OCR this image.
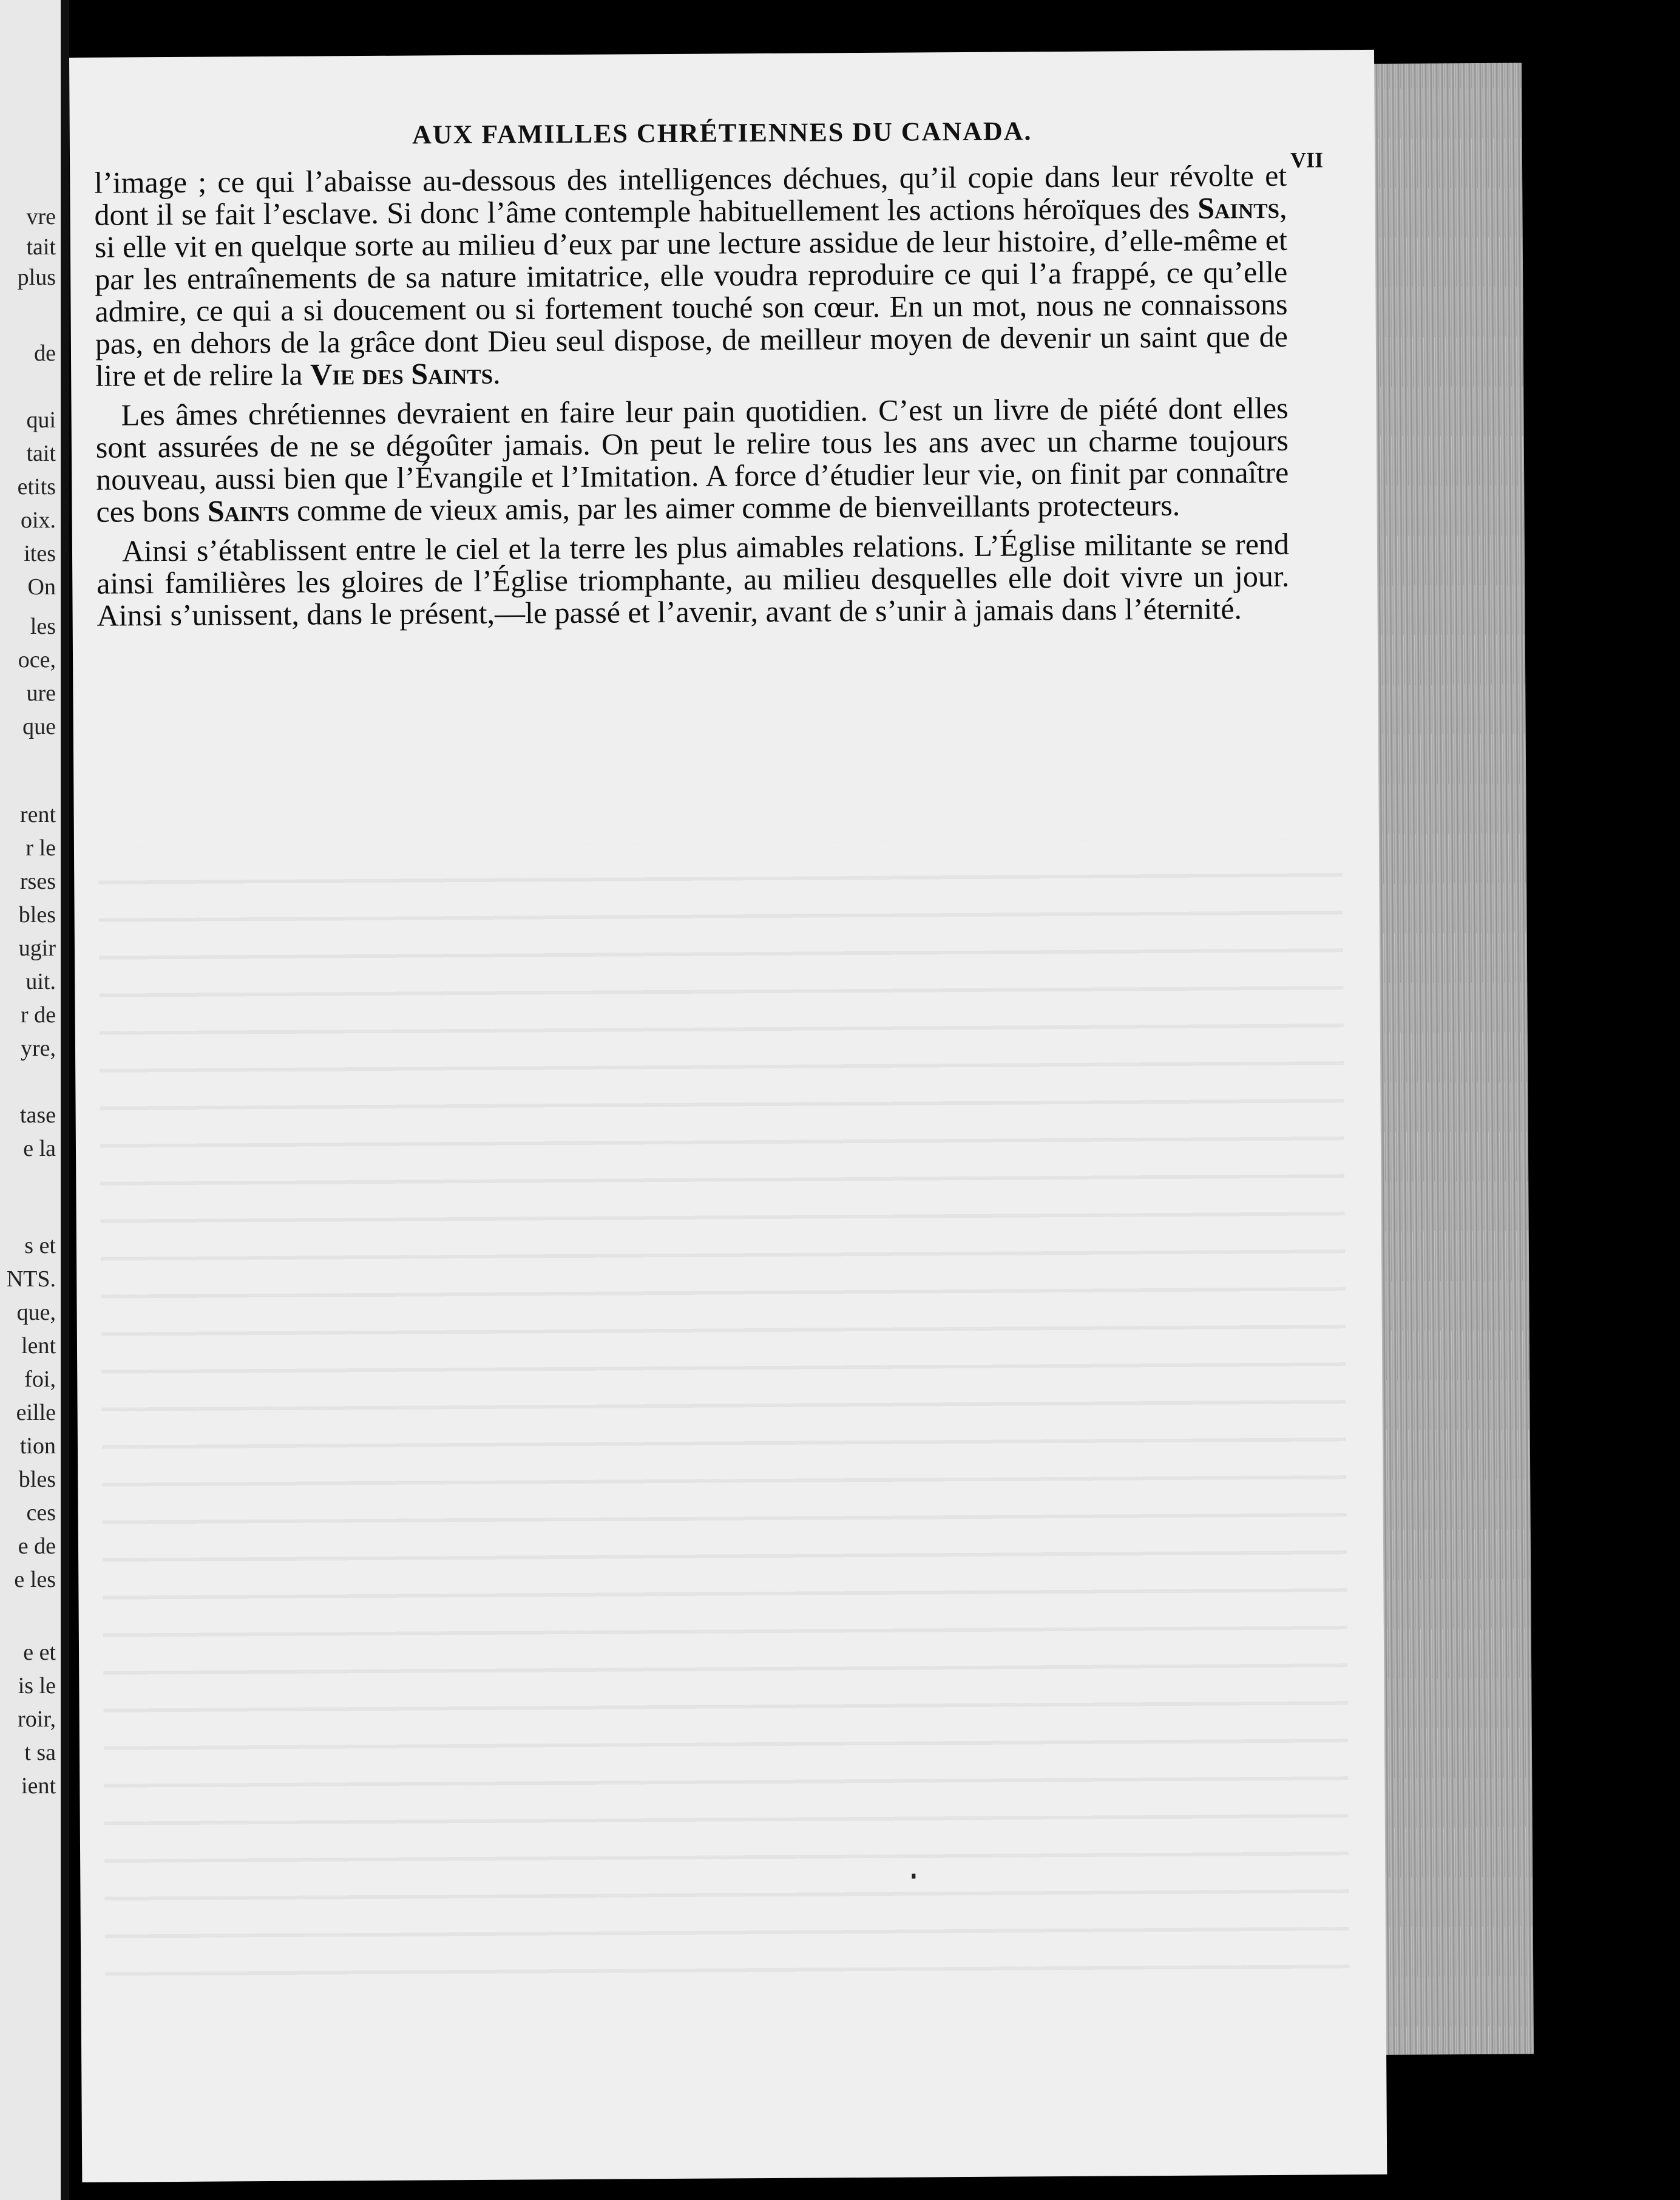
vre
tait
plus
de
qui
tait
etits
oix.
ites
On
les
oce,
ure
que
rent
r le
rses
bles
ugir
uit.
r de
yre,
tase
e la
s et
NTS.
que,
lent
foi,
eille
tion
bles
ces
e de
e les
e et
is le
roir,
t sa
ient
AUX FAMILLES CHRÉTIENNES DU CANADA.
VII

l’image ; ce qui l’abaisse au-dessous des intelligences déchues, qu’il copie dans leur révolte et dont il se fait l’esclave. Si donc l’âme contemple habituellement les actions héroïques des Saints, si elle vit en quelque sorte au milieu d’eux par une lecture assidue de leur histoire, d’elle-même et par les entraînements de sa nature imitatrice, elle voudra reproduire ce qui l’a frappé, ce qu’elle admire, ce qui a si doucement ou si fortement touché son cœur. En un mot, nous ne connaissons pas, en dehors de la grâce dont Dieu seul dispose, de meilleur moyen de devenir un saint que de lire et de relire la Vie des Saints.

Les âmes chrétiennes devraient en faire leur pain quotidien. C’est un livre de piété dont elles sont assurées de ne se dégoûter jamais. On peut le relire tous les ans avec un charme toujours nouveau, aussi bien que l’Évangile et l’Imitation. A force d’étudier leur vie, on finit par connaître ces bons Saints comme de vieux amis, par les aimer comme de bienveillants protecteurs.

Ainsi s’établissent entre le ciel et la terre les plus aimables relations. L’Église militante se rend ainsi familières les gloires de l’Église triomphante, au milieu desquelles elle doit vivre un jour. Ainsi s’unissent, dans le présent,—le passé et l’avenir, avant de s’unir à jamais dans l’éternité.
